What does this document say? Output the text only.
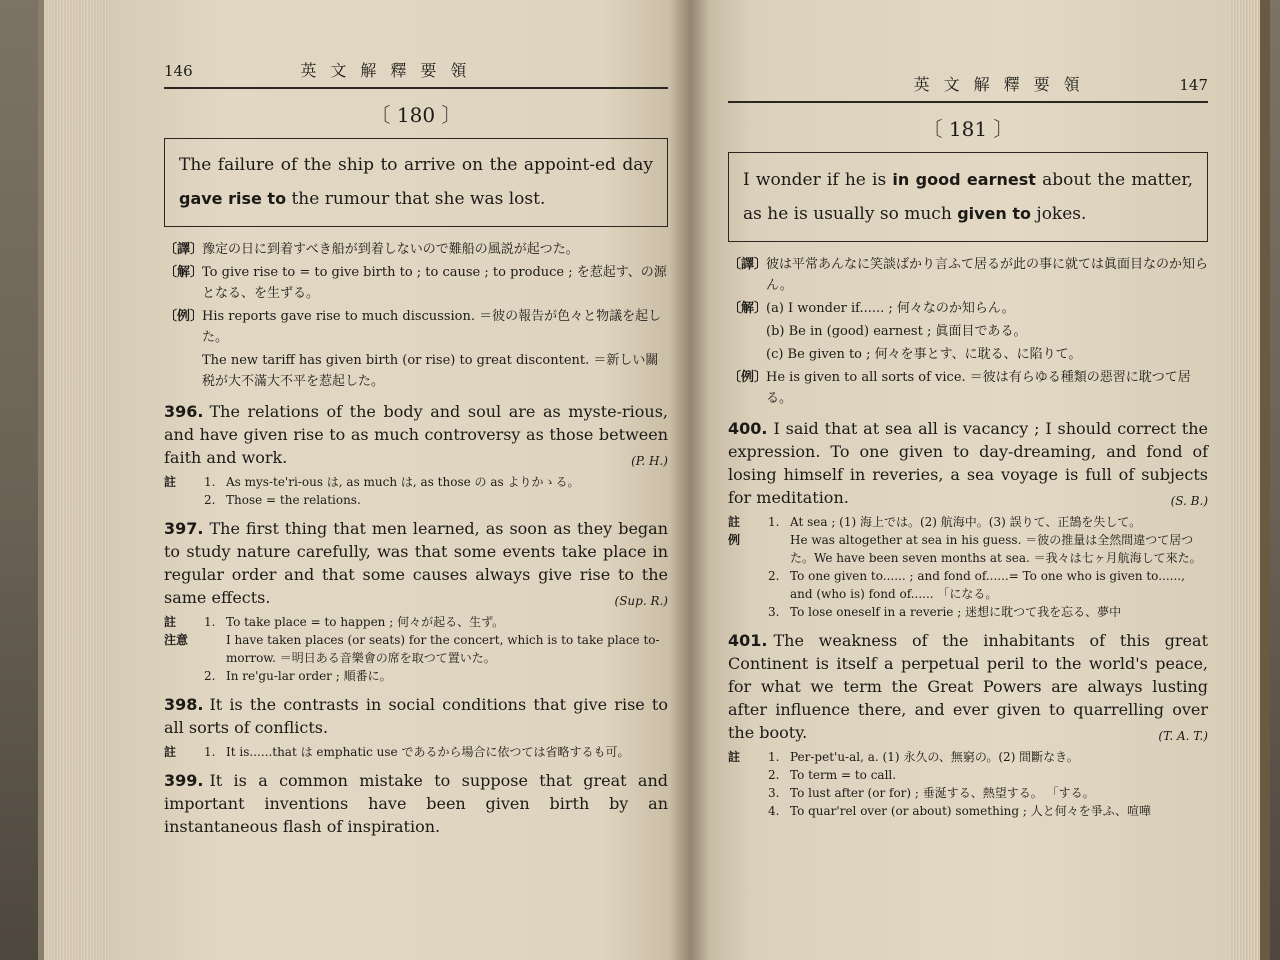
146	英文解釋要領
〔 180 〕
The failure of the ship to arrive on the appoint-ed day gave rise to the rumour that she was lost.
〔譯〕
豫定の日に到着すべき船が到着しないので難船の風説が起つた。
〔解〕
To give rise to = to give birth to ; to cause ; to produce ; を惹起す、の源となる、を生ずる。
〔例〕
His reports gave rise to much discussion. ＝彼の報告が色々と物議を起した。
The new tariff has given birth (or rise) to great discontent. ＝新しい關税が大不滿大不平を惹起した。
396. The relations of the body and soul are as myste-rious, and have given rise to as much controversy as those between faith and work.	(P. H.)
註	1. As mys-te'ri-ous は, as much は, as those の as よりかゝる。
2. Those = the relations.
397. The first thing that men learned, as soon as they began to study nature carefully, was that some events take place in regular order and that some causes always give rise to the same effects.	(Sup. R.)
註	1. To take place = to happen ; 何々が起る、生ず。
注意	I have taken places (or seats) for the concert, which is to take place to-morrow. ＝明日ある音樂會の席を取つて置いた。
2. In re'gu-lar order ; 順番に。
398. It is the contrasts in social conditions that give rise to all sorts of conflicts.
註	1. It is......that は emphatic use であるから場合に依つては省略するも可。
399. It is a common mistake to suppose that great and important inventions have been given birth by an instantaneous flash of inspiration.
英文解釋要領	147
〔 181 〕
I wonder if he is in good earnest about the matter, as he is usually so much given to jokes.
〔譯〕
彼は平常あんなに笑談ばかり言ふて居るが此の事に就ては眞面目なのか知らん。
〔解〕
(a) I wonder if...... ; 何々なのか知らん。
(b) Be in (good) earnest ; 眞面目である。
(c) Be given to ; 何々を事とす、に耽る、に陷りて。
〔例〕
He is given to all sorts of vice. ＝彼は有らゆる種類の惡習に耽つて居る。
400. I said that at sea all is vacancy ; I should correct the expression. To one given to day-dreaming, and fond of losing himself in reveries, a sea voyage is full of subjects for meditation.	(S. B.)
註	1. At sea ; (1) 海上では。(2) 航海中。(3) 誤りて、正鵠を失して。
例	He was altogether at sea in his guess. ＝彼の推量は全然間違つて居つた。We have been seven months at sea. ＝我々は七ヶ月航海して來た。
2. To one given to...... ; and fond of......= To one who is given to......, and (who is) fond of...... 「になる。
3. To lose oneself in a reverie ; 迷想に耽つて我を忘る、夢中
401. The weakness of the inhabitants of this great Continent is itself a perpetual peril to the world's peace, for what we term the Great Powers are always lusting after influence there, and ever given to quarrelling over the booty.	(T. A. T.)
註	1. Per-pet'u-al, a. (1) 永久の、無窮の。(2) 間斷なき。
2. To term = to call.
3. To lust after (or for) ; 垂涎する、熱望する。 「する。
4. To quar'rel over (or about) something ; 人と何々を爭ふ、喧嘩
